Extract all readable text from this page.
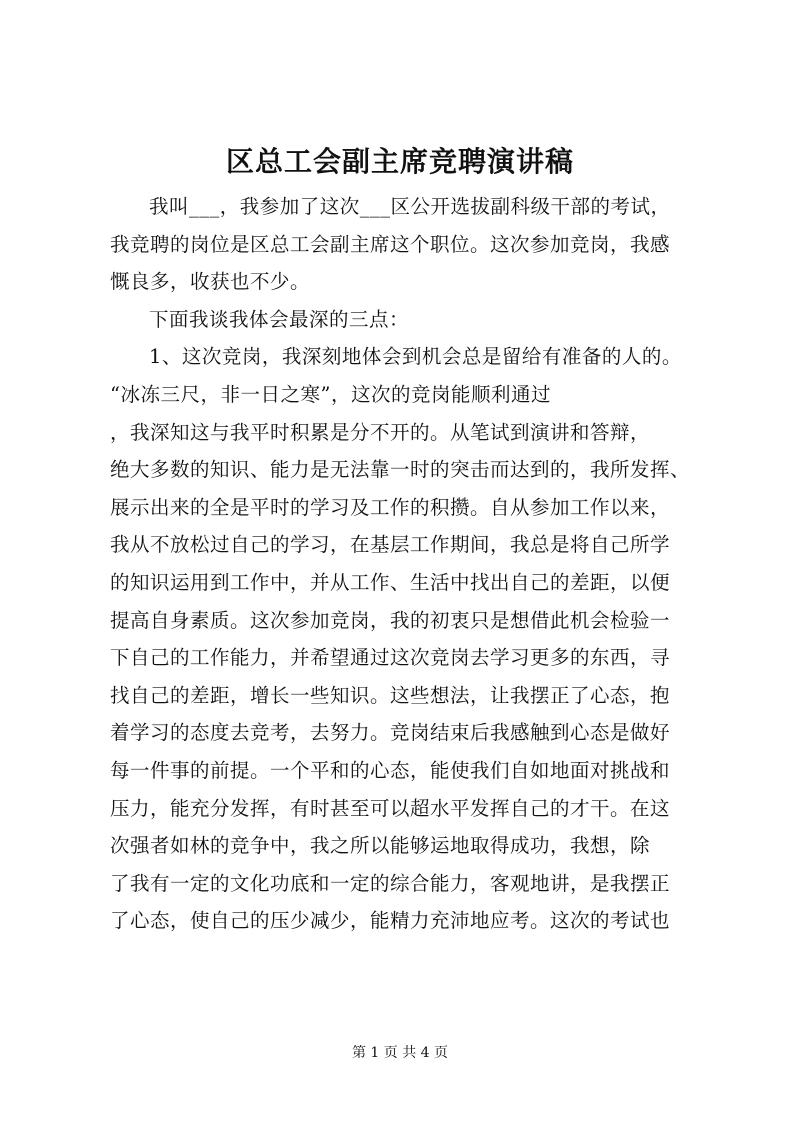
区总工会副主席竞聘演讲稿
我叫___，我参加了这次___区公开选拔副科级干部的考试，
我竞聘的岗位是区总工会副主席这个职位。这次参加竞岗，我感
慨良多，收获也不少。
下面我谈我体会最深的三点：
1、这次竞岗，我深刻地体会到机会总是留给有准备的人的。
“冰冻三尺，非一日之寒”，这次的竞岗能顺利通过
，我深知这与我平时积累是分不开的。从笔试到演讲和答辩，
绝大多数的知识、能力是无法靠一时的突击而达到的，我所发挥、
展示出来的全是平时的学习及工作的积攒。自从参加工作以来，
我从不放松过自己的学习，在基层工作期间，我总是将自己所学
的知识运用到工作中，并从工作、生活中找出自己的差距，以便
提高自身素质。这次参加竞岗，我的初衷只是想借此机会检验一
下自己的工作能力，并希望通过这次竞岗去学习更多的东西，寻
找自己的差距，增长一些知识。这些想法，让我摆正了心态，抱
着学习的态度去竞考，去努力。竞岗结束后我感触到心态是做好
每一件事的前提。一个平和的心态，能使我们自如地面对挑战和
压力，能充分发挥，有时甚至可以超水平发挥自己的才干。在这
次强者如林的竞争中，我之所以能够运地取得成功，我想，除
了我有一定的文化功底和一定的综合能力，客观地讲，是我摆正
了心态，使自己的压少减少，能精力充沛地应考。这次的考试也
第 1 页 共 4 页
